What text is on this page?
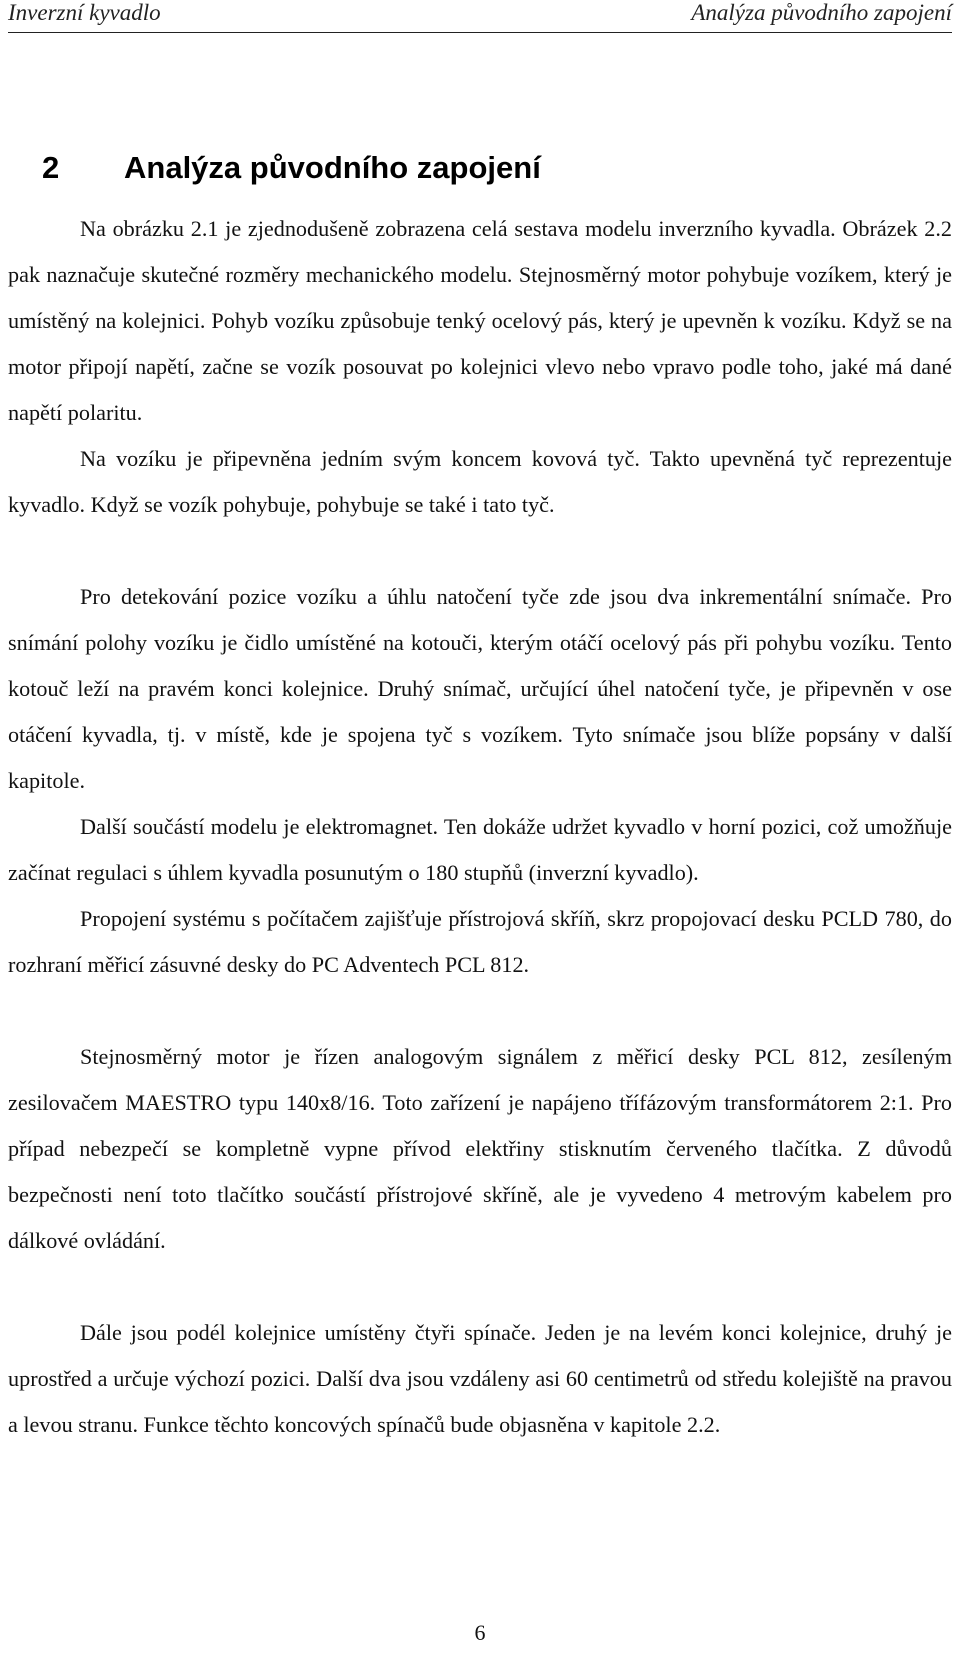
Inverzní kyvadlo	Analýza původního zapojení
2 Analýza původního zapojení

Na obrázku 2.1 je zjednodušeně zobrazena celá sestava modelu inverzního kyvadla. Obrázek 2.2 pak naznačuje skutečné rozměry mechanického modelu. Stejnosměrný motor pohybuje vozíkem, který je umístěný na kolejnici. Pohyb vozíku způsobuje tenký ocelový pás, který je upevněn k vozíku. Když se na motor připojí napětí, začne se vozík posouvat po kolejnici vlevo nebo vpravo podle toho, jaké má dané napětí polaritu.

Na vozíku je připevněna jedním svým koncem kovová tyč. Takto upevněná tyč reprezentuje kyvadlo. Když se vozík pohybuje, pohybuje se také i tato tyč.

Pro detekování pozice vozíku a úhlu natočení tyče zde jsou dva inkrementální snímače. Pro snímání polohy vozíku je čidlo umístěné na kotouči, kterým otáčí ocelový pás při pohybu vozíku. Tento kotouč leží na pravém konci kolejnice. Druhý snímač, určující úhel natočení tyče, je připevněn v ose otáčení kyvadla, tj. v místě, kde je spojena tyč s vozíkem. Tyto snímače jsou blíže popsány v další kapitole.

Další součástí modelu je elektromagnet. Ten dokáže udržet kyvadlo v horní pozici, což umožňuje začínat regulaci s úhlem kyvadla posunutým o 180 stupňů (inverzní kyvadlo).

Propojení systému s počítačem zajišťuje přístrojová skříň, skrz propojovací desku PCLD 780, do rozhraní měřicí zásuvné desky do PC Adventech PCL 812.

Stejnosměrný motor je řízen analogovým signálem z měřicí desky PCL 812, zesíleným zesilovačem MAESTRO typu 140x8/16. Toto zařízení je napájeno třífázovým transformátorem 2:1. Pro případ nebezpečí se kompletně vypne přívod elektřiny stisknutím červeného tlačítka. Z důvodů bezpečnosti není toto tlačítko součástí přístrojové skříně, ale je vyvedeno 4 metrovým kabelem pro dálkové ovládání.

Dále jsou podél kolejnice umístěny čtyři spínače. Jeden je na levém konci kolejnice, druhý je uprostřed a určuje výchozí pozici. Další dva jsou vzdáleny asi 60 centimetrů od středu kolejiště na pravou a levou stranu. Funkce těchto koncových spínačů bude objasněna v kapitole 2.2.

6
